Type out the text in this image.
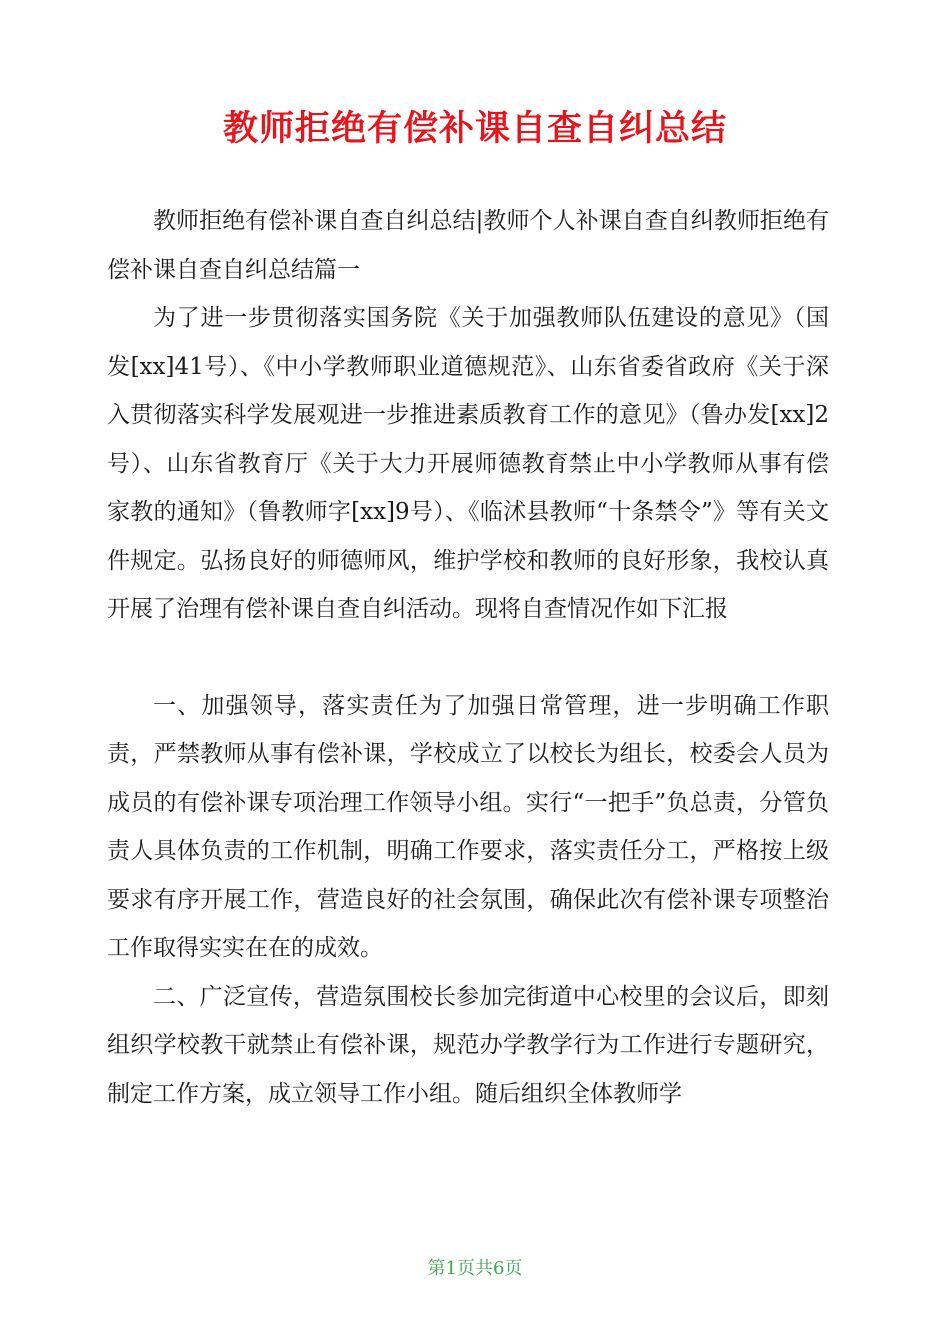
教师拒绝有偿补课自查自纠总结

教师拒绝有偿补课自查自纠总结|教师个人补课自查自纠教师拒绝有偿补课自查自纠总结篇一

为了进一步贯彻落实国务院《关于加强教师队伍建设的意见》（国发[xx]41号）、《中小学教师职业道德规范》、山东省委省政府《关于深入贯彻落实科学发展观进一步推进素质教育工作的意见》（鲁办发[xx]2号）、山东省教育厅《关于大力开展师德教育禁止中小学教师从事有偿家教的通知》（鲁教师字[xx]9号）、《临沭县教师“十条禁令”》等有关文件规定。弘扬良好的师德师风，维护学校和教师的良好形象，我校认真开展了治理有偿补课自查自纠活动。现将自查情况作如下汇报

一、加强领导，落实责任为了加强日常管理，进一步明确工作职责，严禁教师从事有偿补课，学校成立了以校长为组长，校委会人员为成员的有偿补课专项治理工作领导小组。实行“一把手”负总责，分管负责人具体负责的工作机制，明确工作要求，落实责任分工，严格按上级要求有序开展工作，营造良好的社会氛围，确保此次有偿补课专项整治工作取得实实在在的成效。

二、广泛宣传，营造氛围校长参加完街道中心校里的会议后，即刻组织学校教干就禁止有偿补课，规范办学教学行为工作进行专题研究，制定工作方案，成立领导工作小组。随后组织全体教师学

第1页共6页
